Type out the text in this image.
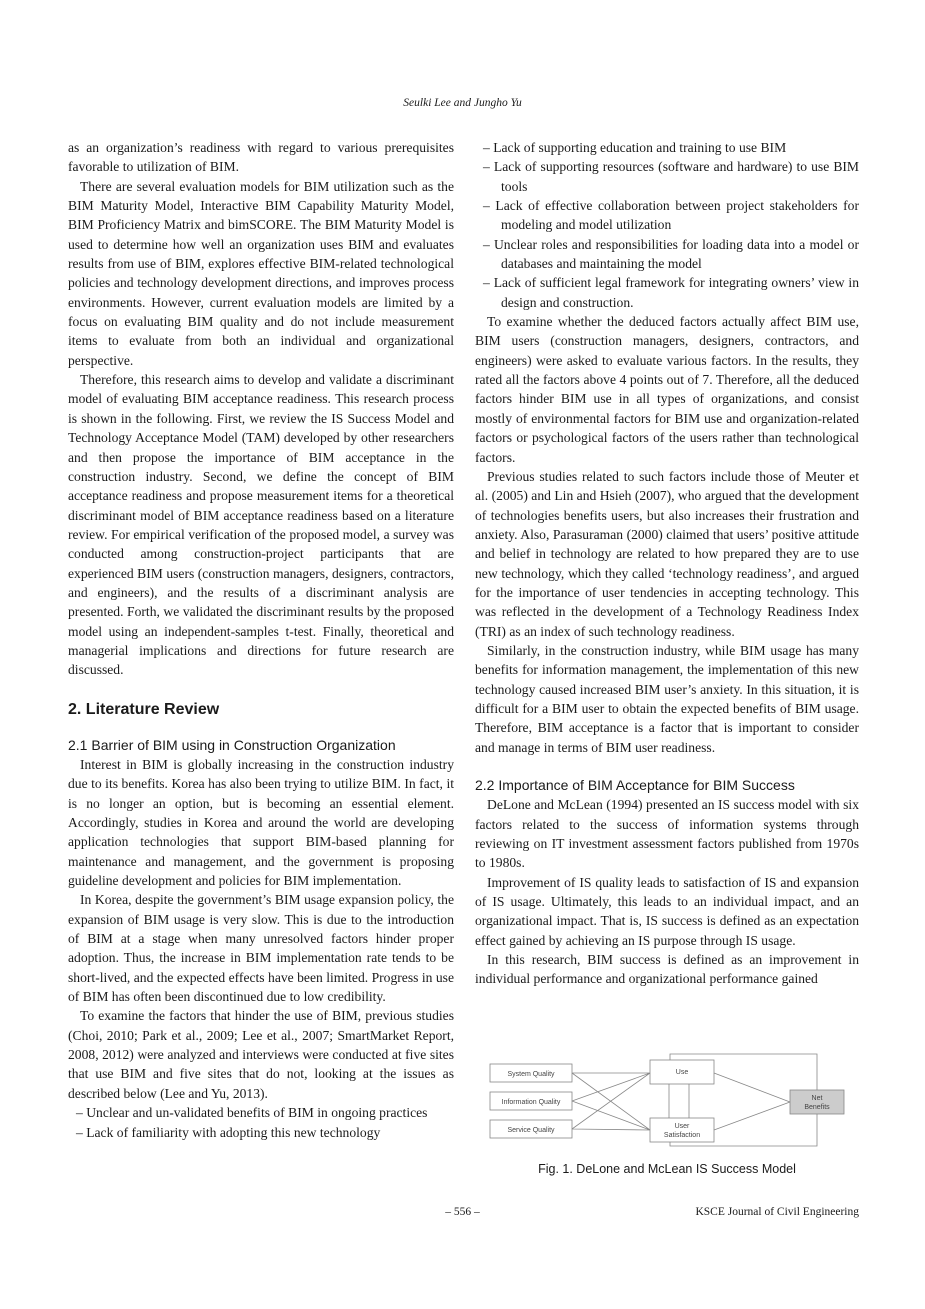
Seulki Lee and Jungho Yu

as an organization’s readiness with regard to various prerequisites favorable to utilization of BIM.

There are several evaluation models for BIM utilization such as the BIM Maturity Model, Interactive BIM Capability Maturity Model, BIM Proficiency Matrix and bimSCORE. The BIM Maturity Model is used to determine how well an organization uses BIM and evaluates results from use of BIM, explores effective BIM-related technological policies and technology development directions, and improves process environments. However, current evaluation models are limited by a focus on evaluating BIM quality and do not include measurement items to evaluate from both an individual and organizational perspective.

Therefore, this research aims to develop and validate a discriminant model of evaluating BIM acceptance readiness. This research process is shown in the following. First, we review the IS Success Model and Technology Acceptance Model (TAM) developed by other researchers and then propose the importance of BIM acceptance in the construction industry. Second, we define the concept of BIM acceptance readiness and propose measurement items for a theoretical discriminant model of BIM acceptance readiness based on a literature review. For empirical verification of the proposed model, a survey was conducted among construction-project participants that are experienced BIM users (construction managers, designers, contractors, and engineers), and the results of a discriminant analysis are presented. Forth, we validated the discriminant results by the proposed model using an independent-samples t-test. Finally, theoretical and managerial implications and directions for future research are discussed.

2. Literature Review
2.1 Barrier of BIM using in Construction Organization

Interest in BIM is globally increasing in the construction industry due to its benefits. Korea has also been trying to utilize BIM. In fact, it is no longer an option, but is becoming an essential element. Accordingly, studies in Korea and around the world are developing application technologies that support BIM-based planning for maintenance and management, and the government is proposing guideline development and policies for BIM implementation.

In Korea, despite the government’s BIM usage expansion policy, the expansion of BIM usage is very slow. This is due to the introduction of BIM at a stage when many unresolved factors hinder proper adoption. Thus, the increase in BIM implementation rate tends to be short-lived, and the expected effects have been limited. Progress in use of BIM has often been discontinued due to low credibility.

To examine the factors that hinder the use of BIM, previous studies (Choi, 2010; Park et al., 2009; Lee et al., 2007; SmartMarket Report, 2008, 2012) were analyzed and interviews were conducted at five sites that use BIM and five sites that do not, looking at the issues as described below (Lee and Yu, 2013).

– Unclear and un-validated benefits of BIM in ongoing practices
– Lack of familiarity with adopting this new technology
– Lack of supporting education and training to use BIM
– Lack of supporting resources (software and hardware) to use BIM tools
– Lack of effective collaboration between project stakeholders for modeling and model utilization
– Unclear roles and responsibilities for loading data into a model or databases and maintaining the model
– Lack of sufficient legal framework for integrating owners’ view in design and construction.

To examine whether the deduced factors actually affect BIM use, BIM users (construction managers, designers, contractors, and engineers) were asked to evaluate various factors. In the results, they rated all the factors above 4 points out of 7. Therefore, all the deduced factors hinder BIM use in all types of organizations, and consist mostly of environmental factors for BIM use and organization-related factors or psychological factors of the users rather than technological factors.

Previous studies related to such factors include those of Meuter et al. (2005) and Lin and Hsieh (2007), who argued that the development of technologies benefits users, but also increases their frustration and anxiety. Also, Parasuraman (2000) claimed that users’ positive attitude and belief in technology are related to how prepared they are to use new technology, which they called ‘technology readiness’, and argued for the importance of user tendencies in accepting technology. This was reflected in the development of a Technology Readiness Index (TRI) as an index of such technology readiness.

Similarly, in the construction industry, while BIM usage has many benefits for information management, the implementation of this new technology caused increased BIM user’s anxiety. In this situation, it is difficult for a BIM user to obtain the expected benefits of BIM usage. Therefore, BIM acceptance is a factor that is important to consider and manage in terms of BIM user readiness.

2.2 Importance of BIM Acceptance for BIM Success

DeLone and McLean (1994) presented an IS success model with six factors related to the success of information systems through reviewing on IT investment assessment factors published from 1970s to 1980s.

Improvement of IS quality leads to satisfaction of IS and expansion of IS usage. Ultimately, this leads to an individual impact, and an organizational impact. That is, IS success is defined as an expectation effect gained by achieving an IS purpose through IS usage.

In this research, BIM success is defined as an improvement in individual performance and organizational performance gained

System Quality
Information Quality
Service Quality
Use
User
Satisfaction
Net
Benefits
Fig. 1. DeLone and McLean IS Success Model
– 556 –	KSCE Journal of Civil Engineering
